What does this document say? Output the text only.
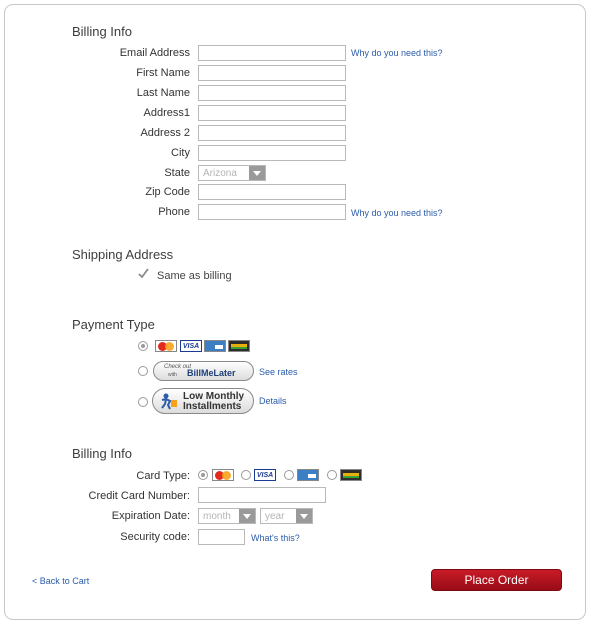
Billing Info
Email Address	Why do you need this?
First Name
Last Name
Address1
Address 2
City
State	Arizona
Zip Code
Phone	Why do you need this?
Shipping Address
Same as billing
Payment Type
VISA
Check out
with BillMeLater	See rates
Low Monthly
Installments Details
Billing Info
Card Type:	VISA
Credit Card Number:
Expiration Date:	month	year
Security code:	What's this?
< Back to Cart	Place Order
